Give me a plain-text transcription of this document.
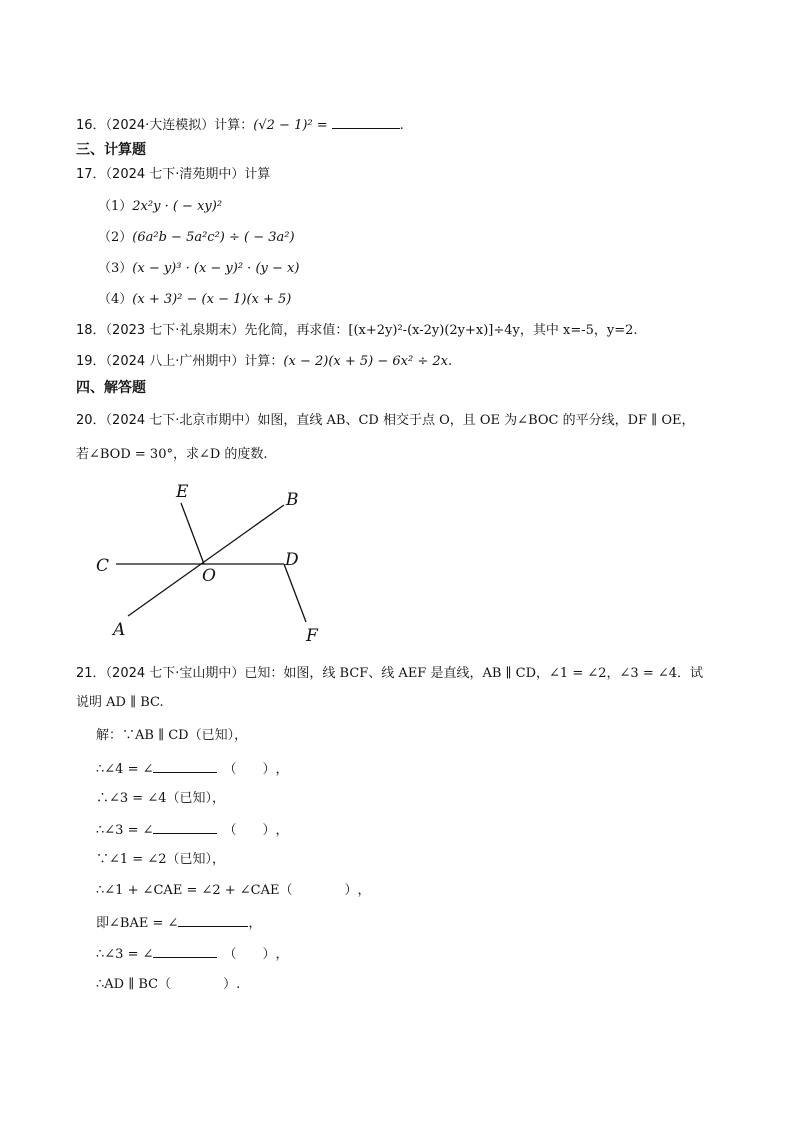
16．（2024·大连模拟）计算：(√2 − 1)² =	.
三、计算题
17．（2024 七下·清苑期中）计算
（1）2x²y · ( − xy)²
（2）(6a²b − 5a²c²) ÷ ( − 3a²)
（3）(x − y)³ · (x − y)² · (y − x)
（4）(x + 3)² − (x − 1)(x + 5)
18．（2023 七下·礼泉期末）先化简，再求值：[(x+2y)²-(x-2y)(2y+x)]÷4y，其中 x=-5，y=2.
19．（2024 八上·广州期中）计算：(x − 2)(x + 5) − 6x² ÷ 2x.
四、解答题
20．（2024 七下·北京市期中）如图，直线 AB、CD 相交于点 O，且 OE 为∠BOC 的平分线，DF ∥ OE，
若∠BOD = 30°，求∠D 的度数.
E	B
C	O
D
A	F
21．（2024 七下·宝山期中）已知：如图，线 BCF、线 AEF 是直线，AB ∥ CD，∠1 = ∠2，∠3 = ∠4．试
说明 AD ∥ BC.
解：∵AB ∥ CD（已知），
∴∠4 = ∠	（　　），
∴∠3 = ∠4（已知），
∴∠3 = ∠	（　　），
∵∠1 = ∠2（已知），
∴∠1 + ∠CAE = ∠2 + ∠CAE（　　　　），
即∠BAE = ∠	，
∴∠3 = ∠	（　　），
∴AD ∥ BC（　　　　）.
